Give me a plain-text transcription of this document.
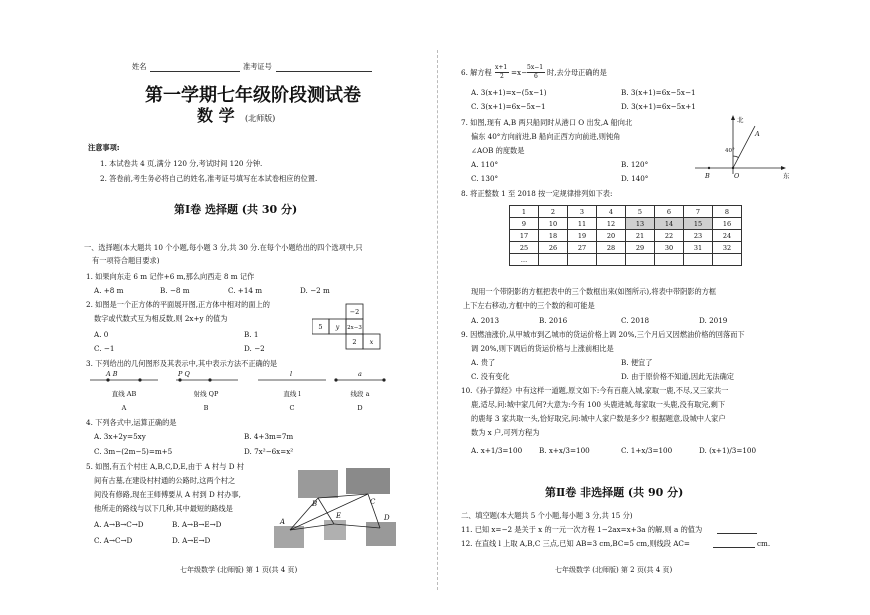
姓名	准考证号
第一学期七年级阶段测试卷
数 学 (北师版)
注意事项:
1. 本试卷共 4 页,满分 120 分,考试时间 120 分钟.
2. 答卷前,考生务必将自己的姓名,准考证号填写在本试卷相应的位置.
第Ⅰ卷 选择题 (共 30 分)
一、选择题(本大题共 10 个小题,每小题 3 分,共 30 分.在每个小题给出的四个选项中,只
有一项符合题目要求)
1. 如果向东走 6 m 记作+6 m,那么向西走 8 m 记作
A. +8 m	B. −8 m	C. +14 m	D. −2 m
2. 如图是一个正方体的平面展开图,正方体中相对的面上的
数字或代数式互为相反数,则 2x+y 的值为
A. 0	B. 1
C. −1	D. −2
−2
5 y 2x−3
2 x
3. 下列给出的几何图形及其表示中,其中表示方法不正确的是
A B	P Q	l	a
直线 AB	射线 QP	直线 l	线段 a
A	B	C	D
4. 下列各式中,运算正确的是
A. 3x+2y=5xy	B. 4+3m=7m
C. 3m−(2m−5)=m+5	D. 7x²−6x=x²
5. 如图,有五个村庄 A,B,C,D,E,由于 A 村与 D 村
间有古墓,在建设村村通的公路时,这两个村之
间没有修路,现在王师傅要从 A 村到 D 村办事,
他所走的路线与以下几种,其中最短的路线是
A. A→B→C→D	B. A→B→E→D
C. A→C→D	D. A→E→D
A
B	C
D
E
七年级数学 (北师版) 第 1 页(共 4 页)
6. 解方程
x+1
2 =x−
5x−1
6 时,去分母正确的是
A. 3(x+1)=x−(5x−1)	B. 3(x+1)=6x−5x−1
C. 3(x+1)=6x−5x−1	D. 3(x+1)=6x−5x+1
7. 如图,现有 A,B 两只船同时从港口 O 出发,A 船向北
偏东 40°方向前进,B 船向正西方向前进,则钝角
∠AOB 的度数是
A. 110°	B. 120°
C. 130°	D. 140°
北
东
40°
A
B	O
8. 将正整数 1 至 2018 按一定规律排列如下表:
1	2	3	4	5	6	7	8
9	10	11	12	13	14	15	16
17	18	19	20	21	22	23	24
25	26	27	28	29	30	31	32
…							
现用一个带阴影的方框把表中的三个数框出来(如图所示),将表中带阴影的方框
上下左右移动,方框中的三个数的和可能是
A. 2013	B. 2016	C. 2018	D. 2019
9. 因燃油涨价,从甲城市到乙城市的货运价格上调 20%,三个月后又因燃油价格的回落而下
调 20%,则下调后的货运价格与上涨前相比是
A. 贵了	B. 便宜了
C. 没有变化	D. 由于原价格不知道,因此无法确定
10.《孙子算经》中有这样一道题,原文如下:今有百鹿入城,家取一鹿,不尽,又三家共一
鹿,适尽,问:城中家几何?大意为:今有 100 头鹿进城,每家取一头鹿,没有取完,剩下
的鹿每 3 家共取一头,恰好取完,问:城中人家户数是多少? 根据题意,设城中人家户
数为 x 户,可列方程为
A. x+1/3=100 B. x+x/3=100	C. 1+x/3=100	D. (x+1)/3=100
第Ⅱ卷 非选择题 (共 90 分)
二、填空题(本大题共 5 个小题,每小题 3 分,共 15 分)
11. 已知 x=−2 是关于 x 的一元一次方程 1−2ax=x+3a 的解,则 a 的值为
12. 在直线 l 上取 A,B,C 三点,已知 AB=3 cm,BC=5 cm,则线段 AC=	cm.
七年级数学 (北师版) 第 2 页(共 4 页)
